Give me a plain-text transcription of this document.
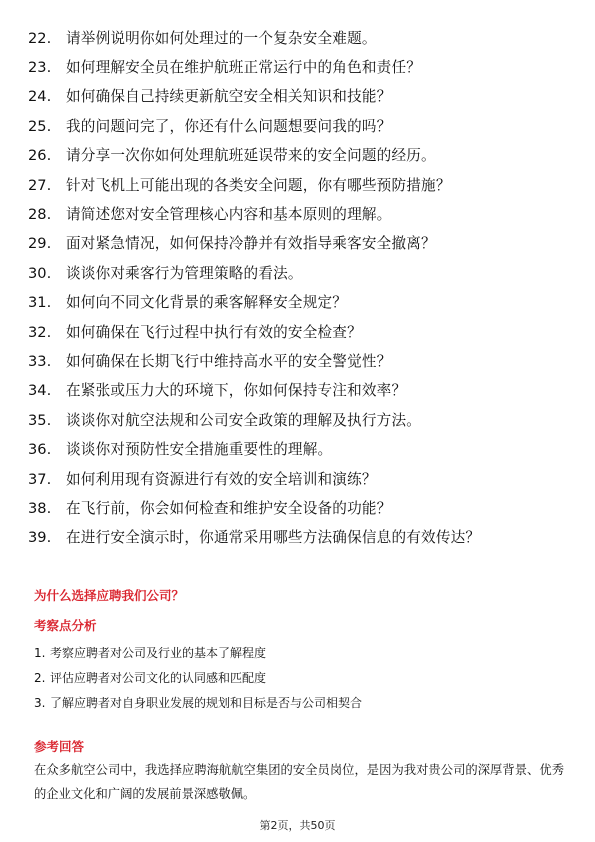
22.	请举例说明你如何处理过的一个复杂安全难题。
23.	如何理解安全员在维护航班正常运行中的角色和责任？
24.	如何确保自己持续更新航空安全相关知识和技能？
25.	我的问题问完了，你还有什么问题想要问我的吗？
26.	请分享一次你如何处理航班延误带来的安全问题的经历。
27.	针对飞机上可能出现的各类安全问题，你有哪些预防措施？
28.	请简述您对安全管理核心内容和基本原则的理解。
29.	面对紧急情况，如何保持冷静并有效指导乘客安全撤离？
30.	谈谈你对乘客行为管理策略的看法。
31.	如何向不同文化背景的乘客解释安全规定？
32.	如何确保在飞行过程中执行有效的安全检查？
33.	如何确保在长期飞行中维持高水平的安全警觉性？
34.	在紧张或压力大的环境下，你如何保持专注和效率？
35.	谈谈你对航空法规和公司安全政策的理解及执行方法。
36.	谈谈你对预防性安全措施重要性的理解。
37.	如何利用现有资源进行有效的安全培训和演练？
38.	在飞行前，你会如何检查和维护安全设备的功能？
39.	在进行安全演示时，你通常采用哪些方法确保信息的有效传达？
为什么选择应聘我们公司？
考察点分析
1. 考察应聘者对公司及行业的基本了解程度
2. 评估应聘者对公司文化的认同感和匹配度
3. 了解应聘者对自身职业发展的规划和目标是否与公司相契合
参考回答
在众多航空公司中，我选择应聘海航航空集团的安全员岗位，是因为我对贵公司的深厚背景、优秀的企业文化和广阔的发展前景深感敬佩。
第2页，共50页
